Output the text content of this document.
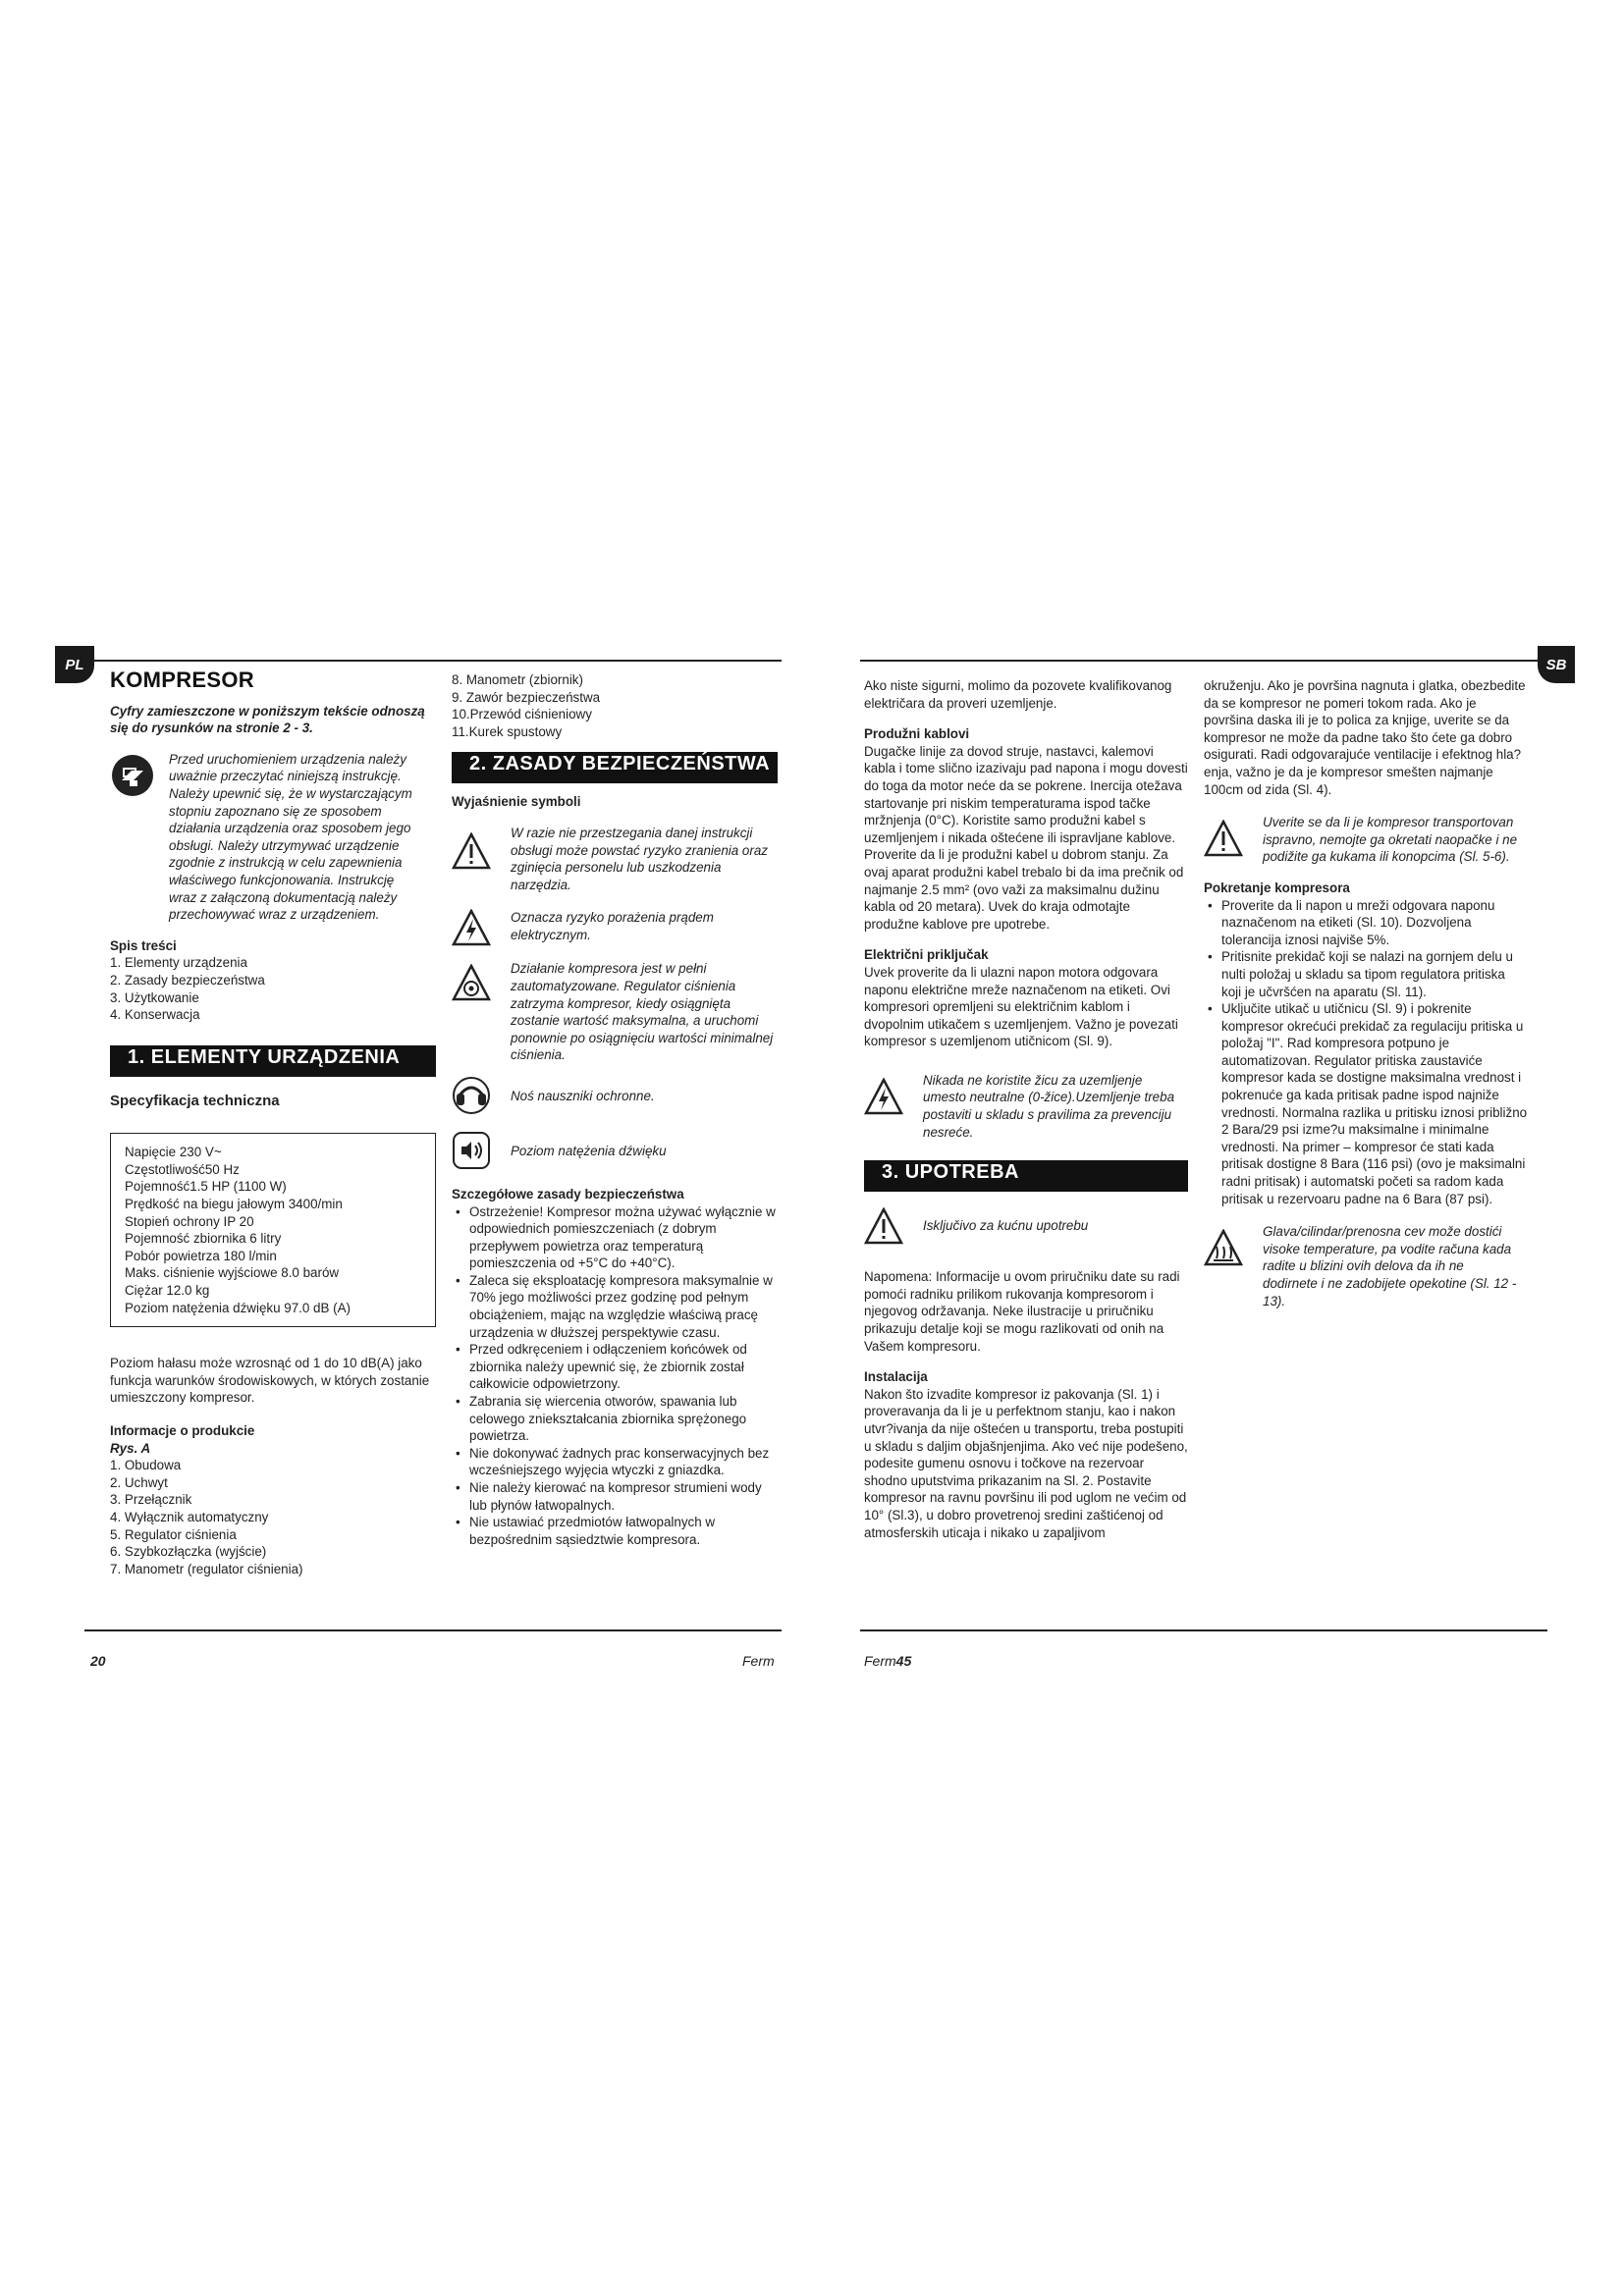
PL	SB
KOMPRESOR

Cyfry zamieszczone w poniższym tekście odnoszą się do rysunków na stronie 2 - 3.

Przed uruchomieniem urządzenia należy uważnie przeczytać niniejszą instrukcję. Należy upewnić się, że w wystarczającym stopniu zapoznano się ze sposobem działania urządzenia oraz sposobem jego obsługi. Należy utrzymywać urządzenie zgodnie z instrukcją w celu zapewnienia właściwego funkcjonowania. Instrukcję wraz z załączoną dokumentacją należy przechowywać wraz z urządzeniem.

Spis treści

1. Elementy urządzenia
2. Zasady bezpieczeństwa
3. Użytkowanie
4. Konserwacja
1. ELEMENTY URZĄDZENIA

Specyfikacja techniczna

Napięcie 230 V~
Częstotliwość50 Hz
Pojemność1.5 HP (1100 W)
Prędkość na biegu jałowym 3400/min
Stopień ochrony IP 20
Pojemność zbiornika 6 litry
Pobór powietrza 180 l/min
Maks. ciśnienie wyjściowe 8.0 barów
Ciężar 12.0 kg
Poziom natężenia dźwięku 97.0 dB (A)

Poziom hałasu może wzrosnąć od 1 do 10 dB(A) jako funkcja warunków środowiskowych, w których zostanie umieszczony kompresor.

Informacje o produkcie

Rys. A

1. Obudowa
2. Uchwyt
3. Przełącznik
4. Wyłącznik automatyczny
5. Regulator ciśnienia
6. Szybkozłączka (wyjście)
7. Manometr (regulator ciśnienia)
8. Manometr (zbiornik)
9. Zawór bezpieczeństwa
10.Przewód ciśnieniowy
11.Kurek spustowy
2. ZASADY BEZPIECZEŃSTWA

Wyjaśnienie symboli

W razie nie przestzegania danej instrukcji obsługi może powstać ryzyko zranienia oraz zginięcia personelu lub uszkodzenia narzędzia.

Oznacza ryzyko porażenia prądem elektrycznym.

Działanie kompresora jest w pełni zautomatyzowane. Regulator ciśnienia zatrzyma kompresor, kiedy osiągnięta zostanie wartość maksymalna, a uruchomi ponownie po osiągnięciu wartości minimalnej ciśnienia.

Noś nauszniki ochronne.

Poziom natężenia dźwięku

Szczegółowe zasady bezpieczeństwa

• Ostrzeżenie! Kompresor można używać wyłącznie w odpowiednich pomieszczeniach (z dobrym przepływem powietrza oraz temperaturą pomieszczenia od +5°C do +40°C).
• Zaleca się eksploatację kompresora maksymalnie w 70% jego możliwości przez godzinę pod pełnym obciążeniem, mając na względzie właściwą pracę urządzenia w dłuższej perspektywie czasu.
• Przed odkręceniem i odłączeniem końcówek od zbiornika należy upewnić się, że zbiornik został całkowicie odpowietrzony.
• Zabrania się wiercenia otworów, spawania lub celowego zniekształcania zbiornika sprężonego powietrza.
• Nie dokonywać żadnych prac konserwacyjnych bez wcześniejszego wyjęcia wtyczki z gniazdka.
• Nie należy kierować na kompresor strumieni wody lub płynów łatwopalnych.
• Nie ustawiać przedmiotów łatwopalnych w bezpośrednim sąsiedztwie kompresora.

Ako niste sigurni, molimo da pozovete kvalifikovanog električara da proveri uzemljenje.

Produžni kablovi

Dugačke linije za dovod struje, nastavci, kalemovi kabla i tome slično izazivaju pad napona i mogu dovesti do toga da motor neće da se pokrene. Inercija otežava startovanje pri niskim temperaturama ispod tačke mržnjenja (0°C). Koristite samo produžni kabel s uzemljenjem i nikada oštećene ili ispravljane kablove. Proverite da li je produžni kabel u dobrom stanju. Za ovaj aparat produžni kabel trebalo bi da ima prečnik od najmanje 2.5 mm² (ovo važi za maksimalnu dužinu kabla od 20 metara). Uvek do kraja odmotajte produžne kablove pre upotrebe.

Električni priključak

Uvek proverite da li ulazni napon motora odgovara naponu električne mreže naznačenom na etiketi. Ovi kompresori opremljeni su električnim kablom i dvopolnim utikačem s uzemljenjem. Važno je povezati kompresor s uzemljenom utičnicom (Sl. 9).

Nikada ne koristite žicu za uzemljenje umesto neutralne (0-žice).Uzemljenje treba postaviti u skladu s pravilima za prevenciju nesreće.

3. UPOTREBA

Isključivo za kućnu upotrebu

Napomena: Informacije u ovom priručniku date su radi pomoći radniku prilikom rukovanja kompresorom i njegovog održavanja. Neke ilustracije u priručniku prikazuju detalje koji se mogu razlikovati od onih na Vašem kompresoru.

Instalacija

Nakon što izvadite kompresor iz pakovanja (Sl. 1) i proveravanja da li je u perfektnom stanju, kao i nakon utvr?ivanja da nije oštećen u transportu, treba postupiti u skladu s daljim objašnjenjima. Ako već nije podešeno, podesite gumenu osnovu i točkove na rezervoar shodno uputstvima prikazanim na Sl. 2. Postavite kompresor na ravnu površinu ili pod uglom ne većim od 10° (Sl.3), u dobro provetrenoj sredini zaštićenoj od atmosferskih uticaja i nikako u zapaljivom

okruženju. Ako je površina nagnuta i glatka, obezbedite da se kompresor ne pomeri tokom rada. Ako je površina daska ili je to polica za knjige, uverite se da kompresor ne može da padne tako što ćete ga dobro osigurati. Radi odgovarajuće ventilacije i efektnog hla?enja, važno je da je kompresor smešten najmanje 100cm od zida (Sl. 4).

Uverite se da li je kompresor transportovan ispravno, nemojte ga okretati naopačke i ne podižite ga kukama ili konopcima (Sl. 5-6).

Pokretanje kompresora

• Proverite da li napon u mreži odgovara naponu naznačenom na etiketi (Sl. 10). Dozvoljena tolerancija iznosi najviše 5%.
• Pritisnite prekidač koji se nalazi na gornjem delu u nulti položaj u skladu sa tipom regulatora pritiska koji je učvršćen na aparatu (Sl. 11).
• Uključite utikač u utičnicu (Sl. 9) i pokrenite kompresor okrećući prekidač za regulaciju pritiska u položaj "I". Rad kompresora potpuno je automatizovan. Regulator pritiska zaustaviće kompresor kada se dostigne maksimalna vrednost i pokrenuće ga kada pritisak padne ispod najniže vrednosti. Normalna razlika u pritisku iznosi približno 2 Bara/29 psi izme?u maksimalne i minimalne vrednosti. Na primer – kompresor će stati kada pritisak dostigne 8 Bara (116 psi) (ovo je maksimalni radni pritisak) i automatski početi sa radom kada pritisak u rezervoaru padne na 6 Bara (87 psi).

Glava/cilindar/prenosna cev može dostići visoke temperature, pa vodite računa kada radite u blizini ovih delova da ih ne dodirnete i ne zadobijete opekotine (Sl. 12 - 13).

20	Ferm	Ferm45
